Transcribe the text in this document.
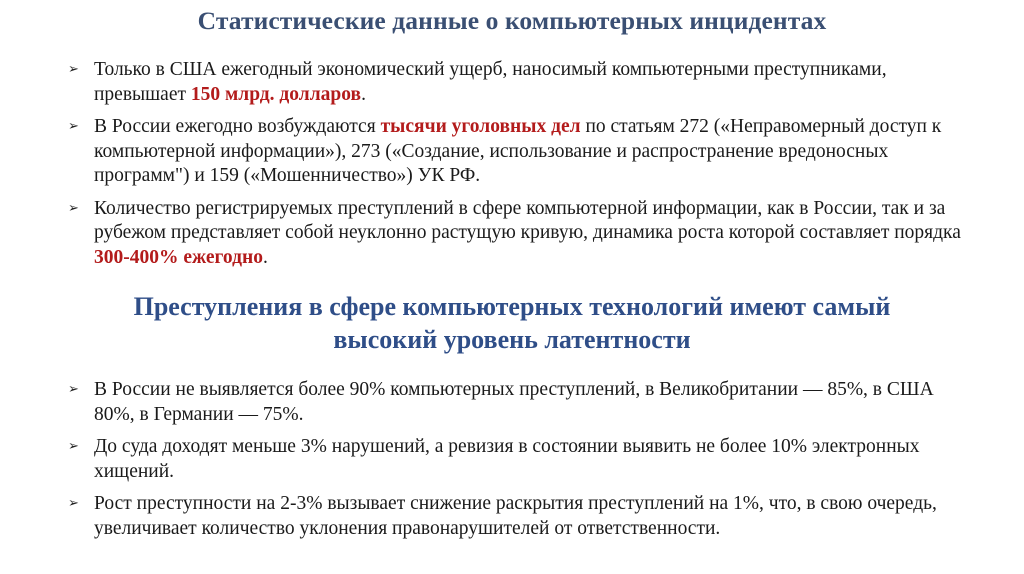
Статистические данные о компьютерных инцидентах
➢ Только в США ежегодный экономический ущерб, наносимый компьютерными преступниками, превышает 150 млрд. долларов.
➢ В России ежегодно возбуждаются тысячи уголовных дел по статьям 272 («Неправомерный доступ к компьютерной информации»), 273 («Создание, использование и распространение вредоносных программ") и 159 («Мошенничество») УК РФ.
➢ Количество регистрируемых преступлений в сфере компьютерной информации, как в России, так и за рубежом представляет собой неуклонно растущую кривую, динамика роста которой составляет порядка 300-400% ежегодно.
Преступления в сфере компьютерных технологий имеют самый
высокий уровень латентности
➢ В России не выявляется более 90% компьютерных преступлений, в Великобритании — 85%, в США 80%, в Германии — 75%.
➢ До суда доходят меньше 3% нарушений, а ревизия в состоянии выявить не более 10% электронных хищений.
➢ Рост преступности на 2-3% вызывает снижение раскрытия преступлений на 1%, что, в свою очередь, увеличивает количество уклонения правонарушителей от ответственности.
